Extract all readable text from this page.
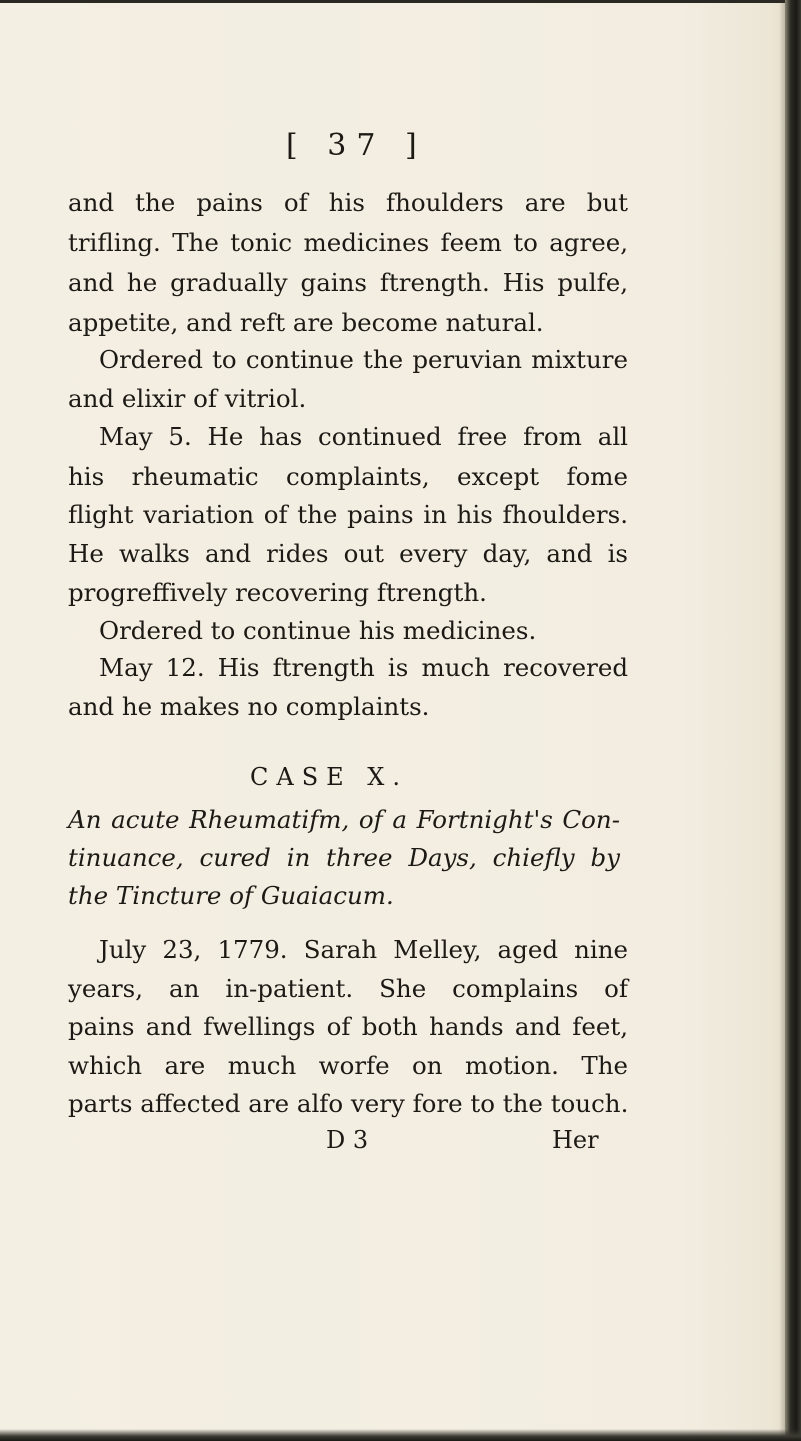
[ 37 ]
and the pains of his fhoulders are but
trifling. The tonic medicines feem to agree,
and he gradually gains ftrength. His pulfe,
appetite, and reft are become natural.
Ordered to continue the peruvian mixture
and elixir of vitriol.
May 5. He has continued free from all
his rheumatic complaints, except fome
flight variation of the pains in his fhoulders.
He walks and rides out every day, and is
progreffively recovering ftrength.
Ordered to continue his medicines.
May 12. His ftrength is much recovered
and he makes no complaints.
An acute Rheumatifm, of a Fortnight's Con-
tinuance, cured in three Days, chiefly by
the Tincture of Guaiacum.
July 23, 1779. Sarah Melley, aged nine
years, an in-patient. She complains of
pains and fwellings of both hands and feet,
which are much worfe on motion. The
parts affected are alfo very fore to the touch.
D 3	Her
CASE X.
